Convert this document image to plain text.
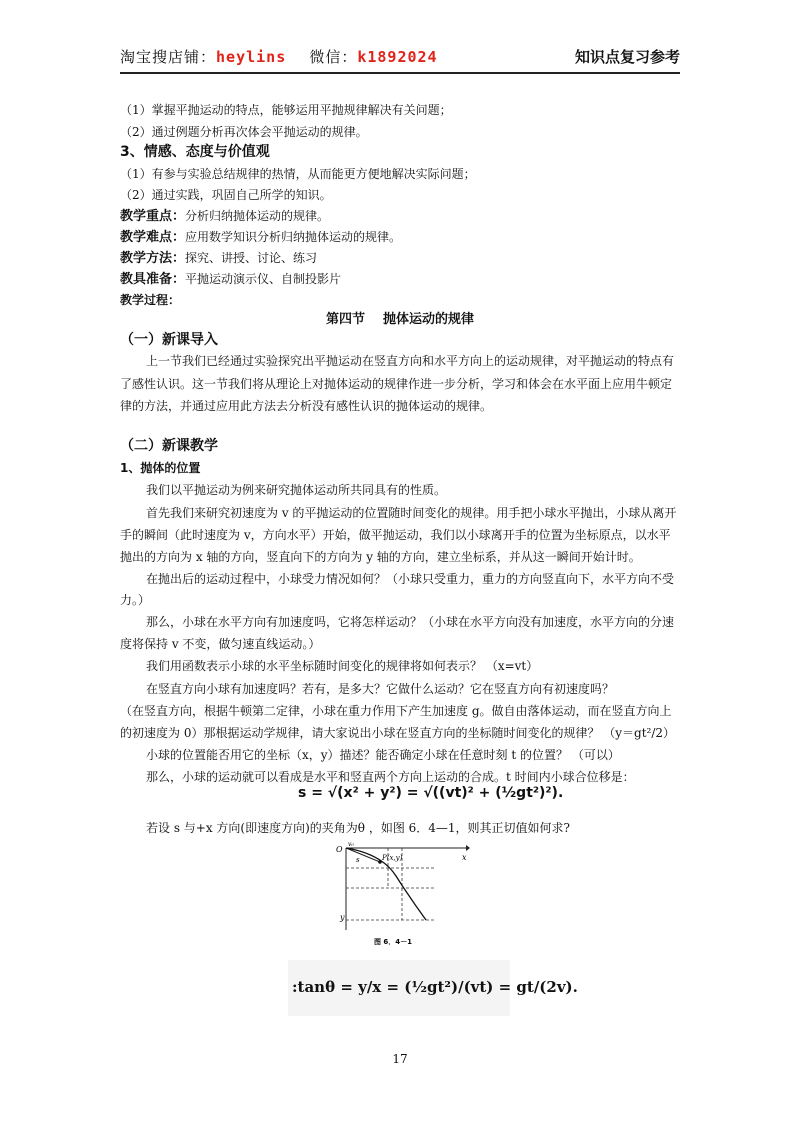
淘宝搜店铺：heylins 微信：k1892024	知识点复习参考
（1）掌握平抛运动的特点，能够运用平抛规律解决有关问题；
（2）通过例题分析再次体会平抛运动的规律。
3、情感、态度与价值观
（1）有参与实验总结规律的热情，从而能更方便地解决实际问题；
（2）通过实践，巩固自己所学的知识。
教学重点：分析归纳抛体运动的规律。
教学难点：应用数学知识分析归纳抛体运动的规律。
教学方法：探究、讲授、讨论、练习
教具准备：平抛运动演示仪、自制投影片
教学过程：
第四节    抛体运动的规律
（一）新课导入
上一节我们已经通过实验探究出平抛运动在竖直方向和水平方向上的运动规律，对平抛运动的特点有
了感性认识。这一节我们将从理论上对抛体运动的规律作进一步分析，学习和体会在水平面上应用牛顿定
律的方法，并通过应用此方法去分析没有感性认识的抛体运动的规律。
（二）新课教学
1、抛体的位置
我们以平抛运动为例来研究抛体运动所共同具有的性质。
首先我们来研究初速度为 v 的平抛运动的位置随时间变化的规律。用手把小球水平抛出，小球从离开
手的瞬间（此时速度为 v，方向水平）开始，做平抛运动，我们以小球离开手的位置为坐标原点，以水平
抛出的方向为 x 轴的方向，竖直向下的方向为 y 轴的方向，建立坐标系，并从这一瞬间开始计时。
在抛出后的运动过程中，小球受力情况如何？（小球只受重力，重力的方向竖直向下，水平方向不受
力。）
那么，小球在水平方向有加速度吗，它将怎样运动？（小球在水平方向没有加速度，水平方向的分速
度将保持 v 不变，做匀速直线运动。）
我们用函数表示小球的水平坐标随时间变化的规律将如何表示？ （x=vt）
在竖直方向小球有加速度吗？若有，是多大？它做什么运动？它在竖直方向有初速度吗？
（在竖直方向，根据牛顿第二定律，小球在重力作用下产生加速度 g。做自由落体运动，而在竖直方向上
的初速度为 0）那根据运动学规律，请大家说出小球在竖直方向的坐标随时间变化的规律？ （y＝gt²/2）
小球的位置能否用它的坐标（x，y）描述？能否确定小球在任意时刻 t 的位置？ （可以）
那么，小球的运动就可以看成是水平和竖直两个方向上运动的合成。t 时间内小球合位移是：
s = √(x² + y²) = √((vt)² + (½gt²)²).
若设 s 与+x 方向(即速度方向)的夹角为θ ，如图 6．4—1，则其正切值如何求?
O
v₀
x
y
P(x,y)
s
图 6．4－1
:tanθ = y/x = (½gt²)/(vt) = gt/(2v).
17
